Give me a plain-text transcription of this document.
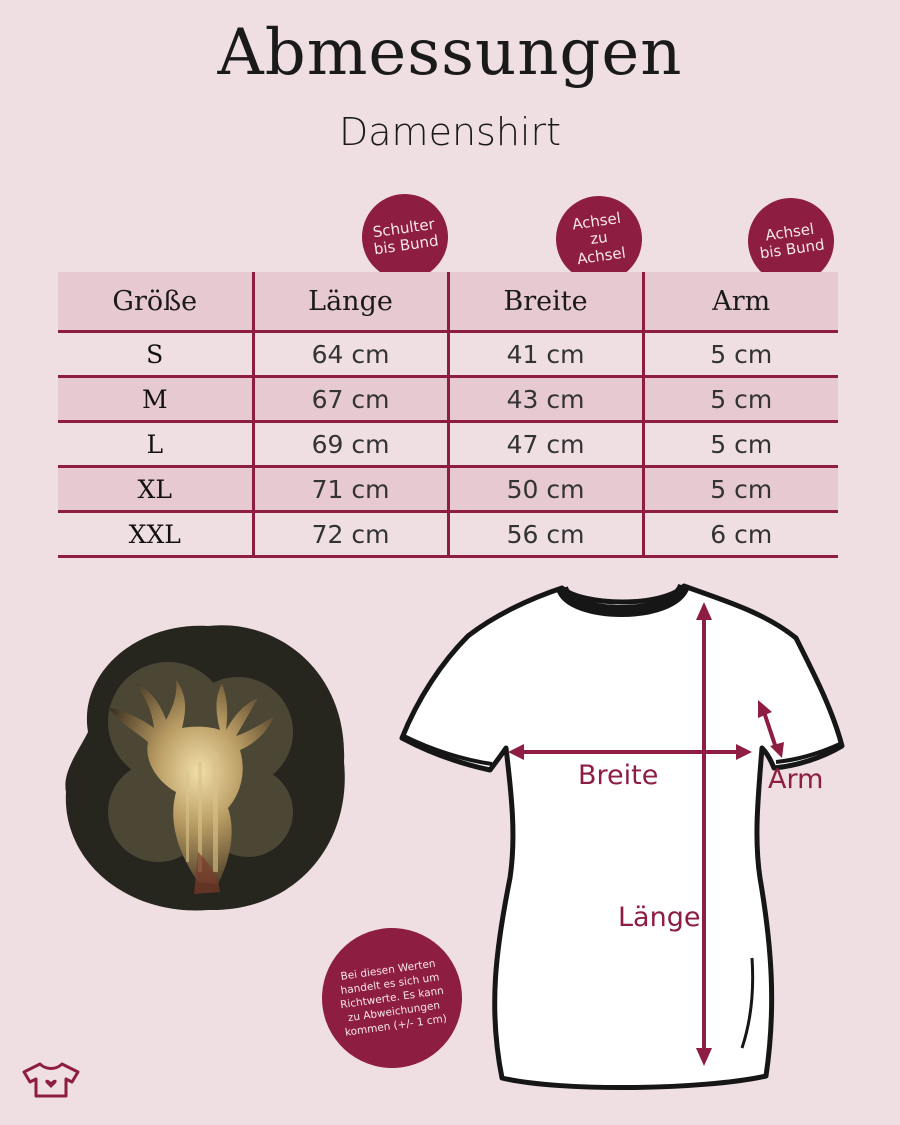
Abmessungen
Damenshirt
Schulter
bis Bund
Achsel
zu
Achsel
Achsel
bis Bund
Größe	Länge	Breite	Arm
S	64 cm	41 cm	5 cm
M	67 cm	43 cm	5 cm
L	69 cm	47 cm	5 cm
XL	71 cm	50 cm	5 cm
XXL	72 cm	56 cm	6 cm
Breite	Arm
Länge
Bei diesen Werten
handelt es sich um
Richtwerte. Es kann
zu Abweichungen
kommen (+/- 1 cm)
